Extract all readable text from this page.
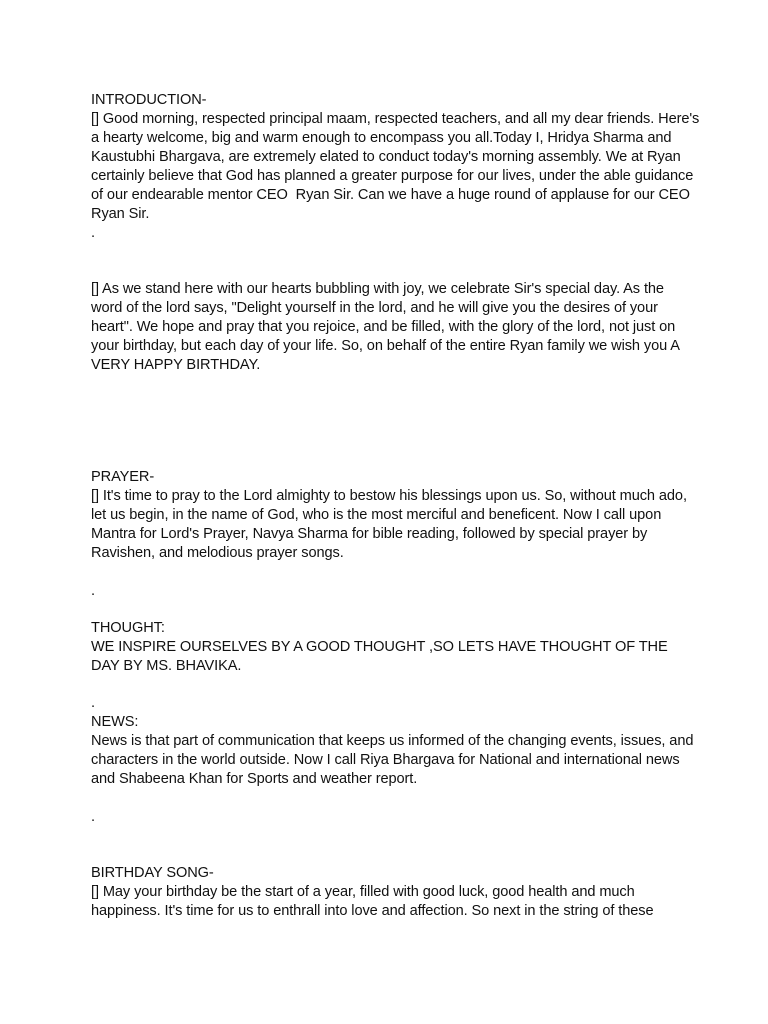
INTRODUCTION-
[] Good morning, respected principal maam, respected teachers, and all my dear friends. Here's
a hearty welcome, big and warm enough to encompass you all.Today I, Hridya Sharma and
Kaustubhi Bhargava, are extremely elated to conduct today's morning assembly. We at Ryan
certainly believe that God has planned a greater purpose for our lives, under the able guidance
of our endearable mentor CEO  Ryan Sir. Can we have a huge round of applause for our CEO
Ryan Sir.
.
[] As we stand here with our hearts bubbling with joy, we celebrate Sir's special day. As the
word of the lord says, "Delight yourself in the lord, and he will give you the desires of your
heart". We hope and pray that you rejoice, and be filled, with the glory of the lord, not just on
your birthday, but each day of your life. So, on behalf of the entire Ryan family we wish you A
VERY HAPPY BIRTHDAY.
PRAYER-
[] It's time to pray to the Lord almighty to bestow his blessings upon us. So, without much ado,
let us begin, in the name of God, who is the most merciful and beneficent. Now I call upon
Mantra for Lord's Prayer, Navya Sharma for bible reading, followed by special prayer by
Ravishen, and melodious prayer songs.
.
THOUGHT:
WE INSPIRE OURSELVES BY A GOOD THOUGHT ,SO LETS HAVE THOUGHT OF THE
DAY BY MS. BHAVIKA.
.
NEWS:
News is that part of communication that keeps us informed of the changing events, issues, and
characters in the world outside. Now I call Riya Bhargava for National and international news
and Shabeena Khan for Sports and weather report.
.
BIRTHDAY SONG-
[] May your birthday be the start of a year, filled with good luck, good health and much
happiness. It's time for us to enthrall into love and affection. So next in the string of these
